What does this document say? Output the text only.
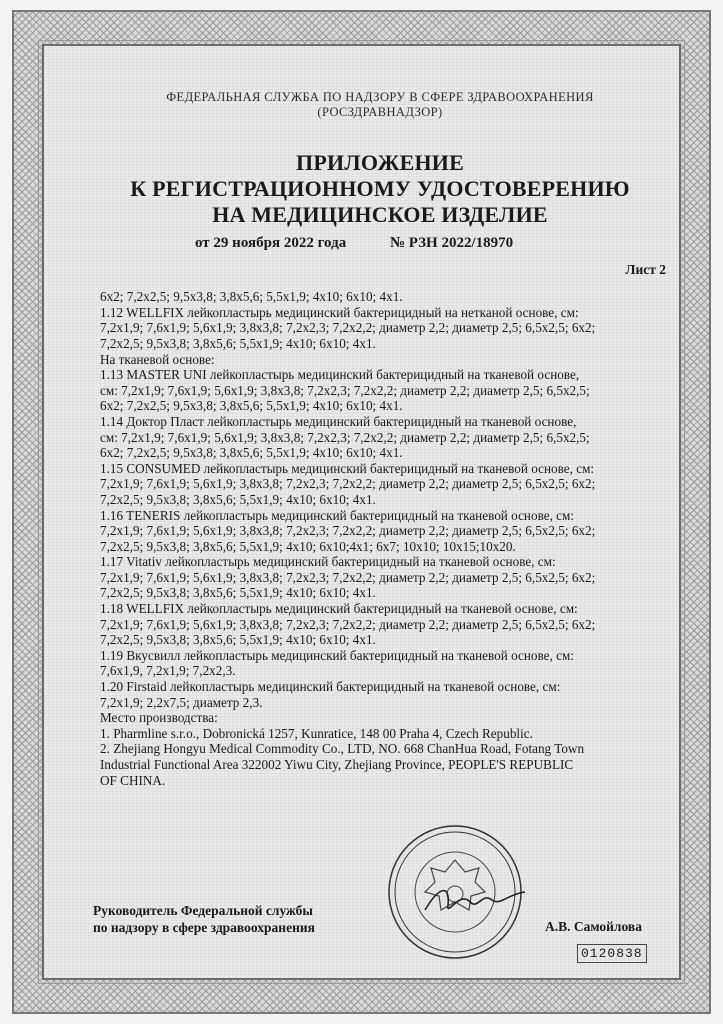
ФЕДЕРАЛЬНАЯ СЛУЖБА ПО НАДЗОРУ В СФЕРЕ ЗДРАВООХРАНЕНИЯ
(РОСЗДРАВНАДЗОР)
ПРИЛОЖЕНИЕ
К РЕГИСТРАЦИОННОМУ УДОСТОВЕРЕНИЮ
НА МЕДИЦИНСКОЕ ИЗДЕЛИЕ
от 29 ноября 2022 года	№ РЗН 2022/18970
Лист 2

6х2; 7,2х2,5; 9,5х3,8; 3,8х5,6; 5,5х1,9; 4х10; 6х10; 4х1.

1.12 WELLFIX лейкопластырь медицинский бактерицидный на нетканой основе, см:

7,2х1,9; 7,6х1,9; 5,6х1,9; 3,8х3,8; 7,2х2,3; 7,2х2,2; диаметр 2,2; диаметр 2,5; 6,5х2,5; 6х2;

7,2х2,5; 9,5х3,8; 3,8х5,6; 5,5х1,9; 4х10; 6х10; 4х1.

На тканевой основе:

1.13 MASTER UNI лейкопластырь медицинский бактерицидный на тканевой основе,

см: 7,2х1,9; 7,6х1,9; 5,6х1,9; 3,8х3,8; 7,2х2,3; 7,2х2,2; диаметр 2,2; диаметр 2,5; 6,5х2,5;

6х2; 7,2х2,5; 9,5х3,8; 3,8х5,6; 5,5х1,9; 4х10; 6х10; 4х1.

1.14 Доктор Пласт лейкопластырь медицинский бактерицидный на тканевой основе,

см: 7,2х1,9; 7,6х1,9; 5,6х1,9; 3,8х3,8; 7,2х2,3; 7,2х2,2; диаметр 2,2; диаметр 2,5; 6,5х2,5;

6х2; 7,2х2,5; 9,5х3,8; 3,8х5,6; 5,5х1,9; 4х10; 6х10; 4х1.

1.15 CONSUMED лейкопластырь медицинский бактерицидный на тканевой основе, см:

7,2х1,9; 7,6х1,9; 5,6х1,9; 3,8х3,8; 7,2х2,3; 7,2х2,2; диаметр 2,2; диаметр 2,5; 6,5х2,5; 6х2;

7,2х2,5; 9,5х3,8; 3,8х5,6; 5,5х1,9; 4х10; 6х10; 4х1.

1.16 TENERIS лейкопластырь медицинский бактерицидный на тканевой основе, см:

7,2х1,9; 7,6х1,9; 5,6х1,9; 3,8х3,8; 7,2х2,3; 7,2х2,2; диаметр 2,2; диаметр 2,5; 6,5х2,5; 6х2;

7,2х2,5; 9,5х3,8; 3,8х5,6; 5,5х1,9; 4х10; 6х10;4х1; 6х7; 10х10; 10х15;10х20.

1.17 Vitativ лейкопластырь медицинский бактерицидный на тканевой основе, см:

7,2х1,9; 7,6х1,9; 5,6х1,9; 3,8х3,8; 7,2х2,3; 7,2х2,2; диаметр 2,2; диаметр 2,5; 6,5х2,5; 6х2;

7,2х2,5; 9,5х3,8; 3,8х5,6; 5,5х1,9; 4х10; 6х10; 4х1.

1.18 WELLFIX лейкопластырь медицинский бактерицидный на тканевой основе, см:

7,2х1,9; 7,6х1,9; 5,6х1,9; 3,8х3,8; 7,2х2,3; 7,2х2,2; диаметр 2,2; диаметр 2,5; 6,5х2,5; 6х2;

7,2х2,5; 9,5х3,8; 3,8х5,6; 5,5х1,9; 4х10; 6х10; 4х1.

1.19 Вкусвилл лейкопластырь медицинский бактерицидный на тканевой основе, см:

7,6х1,9, 7,2х1,9; 7,2х2,3.

1.20 Firstaid лейкопластырь медицинский бактерицидный на тканевой основе, см:

7,2х1,9; 2,2х7,5; диаметр 2,3.

Место производства:

1. Pharmline s.r.o., Dobronická 1257, Kunratice, 148 00 Praha 4, Czech Republic.

2. Zhejiang Hongyu Medical Commodity Co., LTD, NO. 668 ChanHua Road, Fotang Town

Industrial Functional Area 322002 Yiwu City, Zhejiang Province, PEOPLE'S REPUBLIC

OF CHINA.

Руководитель Федеральной службы
по надзору в сфере здравоохранения	А.В. Самойлова
0120838
